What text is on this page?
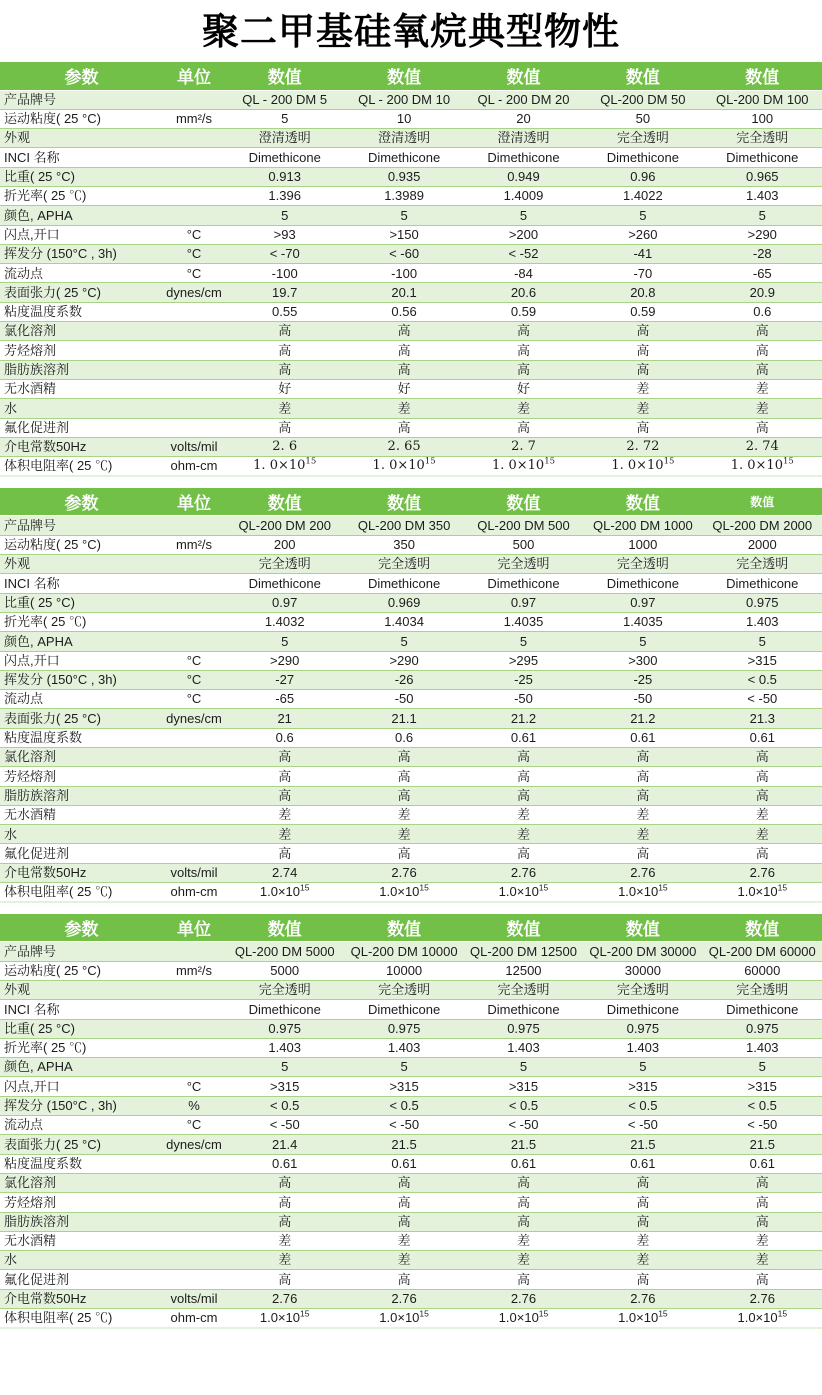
聚二甲基硅氧烷典型物性
参数	单位	数值	数值	数值	数值	数值
产品牌号		QL - 200 DM 5	QL - 200 DM 10	QL - 200 DM 20	QL-200 DM 50	QL-200 DM 100
运动粘度( 25 °C)	mm²/s	5	10	20	50	100
外观		澄清透明	澄清透明	澄清透明	完全透明	完全透明
INCI 名称		Dimethicone	Dimethicone	Dimethicone	Dimethicone	Dimethicone
比重( 25 °C)		0.913	0.935	0.949	0.96	0.965
折光率( 25 ℃)		1.396	1.3989	1.4009	1.4022	1.403
颜色, APHA		5	5	5	5	5
闪点,开口	°C	>93	>150	>200	>260	>290
挥发分 (150°C , 3h)	°C	< -70	< -60	< -52	-41	-28
流动点	°C	-100	-100	-84	-70	-65
表面张力( 25 °C)	dynes/cm	19.7	20.1	20.6	20.8	20.9
粘度温度系数		0.55	0.56	0.59	0.59	0.6
氯化溶剂		高	高	高	高	高
芳烃熔剂		高	高	高	高	高
脂肪族溶剂		高	高	高	高	高
无水酒精		好	好	好	差	差
水		差	差	差	差	差
氟化促进剂		高	高	高	高	高
介电常数50Hz	volts/mil	2. 6	2. 65	2. 7	2. 72	2. 74
体积电阻率( 25 ℃)	ohm-cm	1. $0\times 10^{15}$	1. $0\times 10^{15}$	1. $0\times 10^{15}$	1. $0\times 10^{15}$	1. $0\times 10^{15}$
参数	单位	数值	数值	数值	数值	数值
产品牌号		QL-200 DM 200	QL-200 DM 350	QL-200 DM 500	QL-200 DM 1000	QL-200 DM 2000
运动粘度( 25 °C)	mm²/s	200	350	500	1000	2000
外观		完全透明	完全透明	完全透明	完全透明	完全透明
INCI 名称		Dimethicone	Dimethicone	Dimethicone	Dimethicone	Dimethicone
比重( 25 °C)		0.97	0.969	0.97	0.97	0.975
折光率( 25 ℃)		1.4032	1.4034	1.4035	1.4035	1.403
颜色, APHA		5	5	5	5	5
闪点,开口	°C	>290	>290	>295	>300	>315
挥发分 (150°C , 3h)	°C	-27	-26	-25	-25	< 0.5
流动点	°C	-65	-50	-50	-50	< -50
表面张力( 25 °C)	dynes/cm	21	21.1	21.2	21.2	21.3
粘度温度系数		0.6	0.6	0.61	0.61	0.61
氯化溶剂		高	高	高	高	高
芳烃熔剂		高	高	高	高	高
脂肪族溶剂		高	高	高	高	高
无水酒精		差	差	差	差	差
水		差	差	差	差	差
氟化促进剂		高	高	高	高	高
介电常数50Hz	volts/mil	2.74	2.76	2.76	2.76	2.76
体积电阻率( 25 ℃)	ohm-cm	$1.0\times 10^{15}$	$1.0\times 10^{15}$	$1.0\times 10^{15}$	$1.0\times 10^{15}$	$1.0\times 10^{15}$
参数	单位	数值	数值	数值	数值	数值
产品牌号		QL-200 DM 5000	QL-200 DM 10000	QL-200 DM 12500	QL-200 DM 30000	QL-200 DM 60000
运动粘度( 25 °C)	mm²/s	5000	10000	12500	30000	60000
外观		完全透明	完全透明	完全透明	完全透明	完全透明
INCI 名称		Dimethicone	Dimethicone	Dimethicone	Dimethicone	Dimethicone
比重( 25 °C)		0.975	0.975	0.975	0.975	0.975
折光率( 25 ℃)		1.403	1.403	1.403	1.403	1.403
颜色, APHA		5	5	5	5	5
闪点,开口	°C	>315	>315	>315	>315	>315
挥发分 (150°C , 3h)	%	< 0.5	< 0.5	< 0.5	< 0.5	< 0.5
流动点	°C	< -50	< -50	< -50	< -50	< -50
表面张力( 25 °C)	dynes/cm	21.4	21.5	21.5	21.5	21.5
粘度温度系数		0.61	0.61	0.61	0.61	0.61
氯化溶剂		高	高	高	高	高
芳烃熔剂		高	高	高	高	高
脂肪族溶剂		高	高	高	高	高
无水酒精		差	差	差	差	差
水		差	差	差	差	差
氟化促进剂		高	高	高	高	高
介电常数50Hz	volts/mil	2.76	2.76	2.76	2.76	2.76
体积电阻率( 25 ℃)	ohm-cm	$1.0\times 10^{15}$	$1.0\times 10^{15}$	$1.0\times 10^{15}$	$1.0\times 10^{15}$	$1.0\times 10^{15}$
